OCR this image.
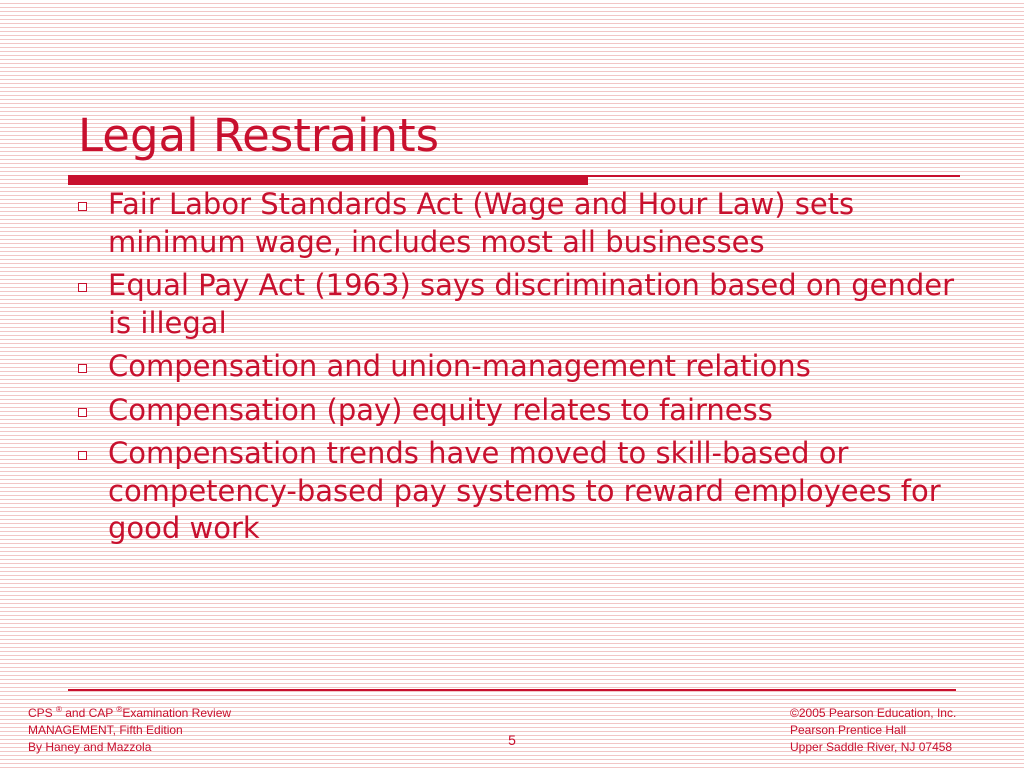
Legal Restraints
Fair Labor Standards Act (Wage and Hour Law) sets minimum wage, includes most all businesses
Equal Pay Act (1963) says discrimination based on gender is illegal
Compensation and union-management relations
Compensation (pay) equity relates to fairness
Compensation trends have moved to skill-based or competency-based pay systems to reward employees for good work
CPS ® and CAP ®Examination Review
MANAGEMENT, Fifth Edition
By Haney and Mazzola	5
©2005 Pearson Education, Inc.
Pearson Prentice Hall
Upper Saddle River, NJ 07458
